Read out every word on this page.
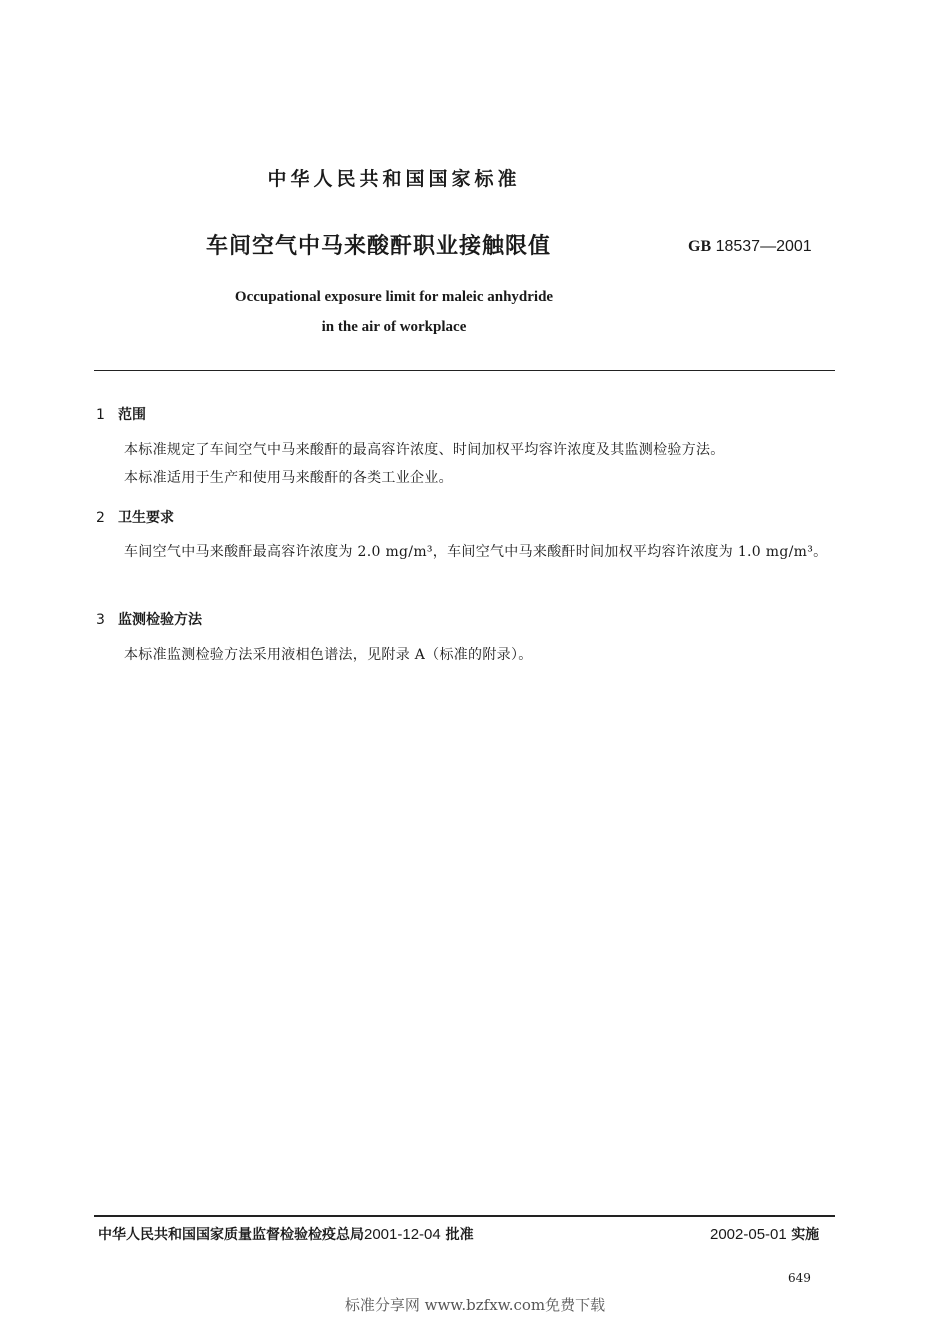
中华人民共和国国家标准
车间空气中马来酸酐职业接触限值	GB 18537—2001
Occupational exposure limit for maleic anhydride
in the air of workplace
1 范围
本标准规定了车间空气中马来酸酐的最高容许浓度、时间加权平均容许浓度及其监测检验方法。
本标准适用于生产和使用马来酸酐的各类工业企业。
2 卫生要求
车间空气中马来酸酐最高容许浓度为 2.0 mg/m³，车间空气中马来酸酐时间加权平均容许浓度为 1.0 mg/m³。
3 监测检验方法
本标准监测检验方法采用液相色谱法，见附录 A（标准的附录）。
中华人民共和国国家质量监督检验检疫总局2001-12-04 批准	2002-05-01 实施
649
标准分享网 www.bzfxw.com免费下载
